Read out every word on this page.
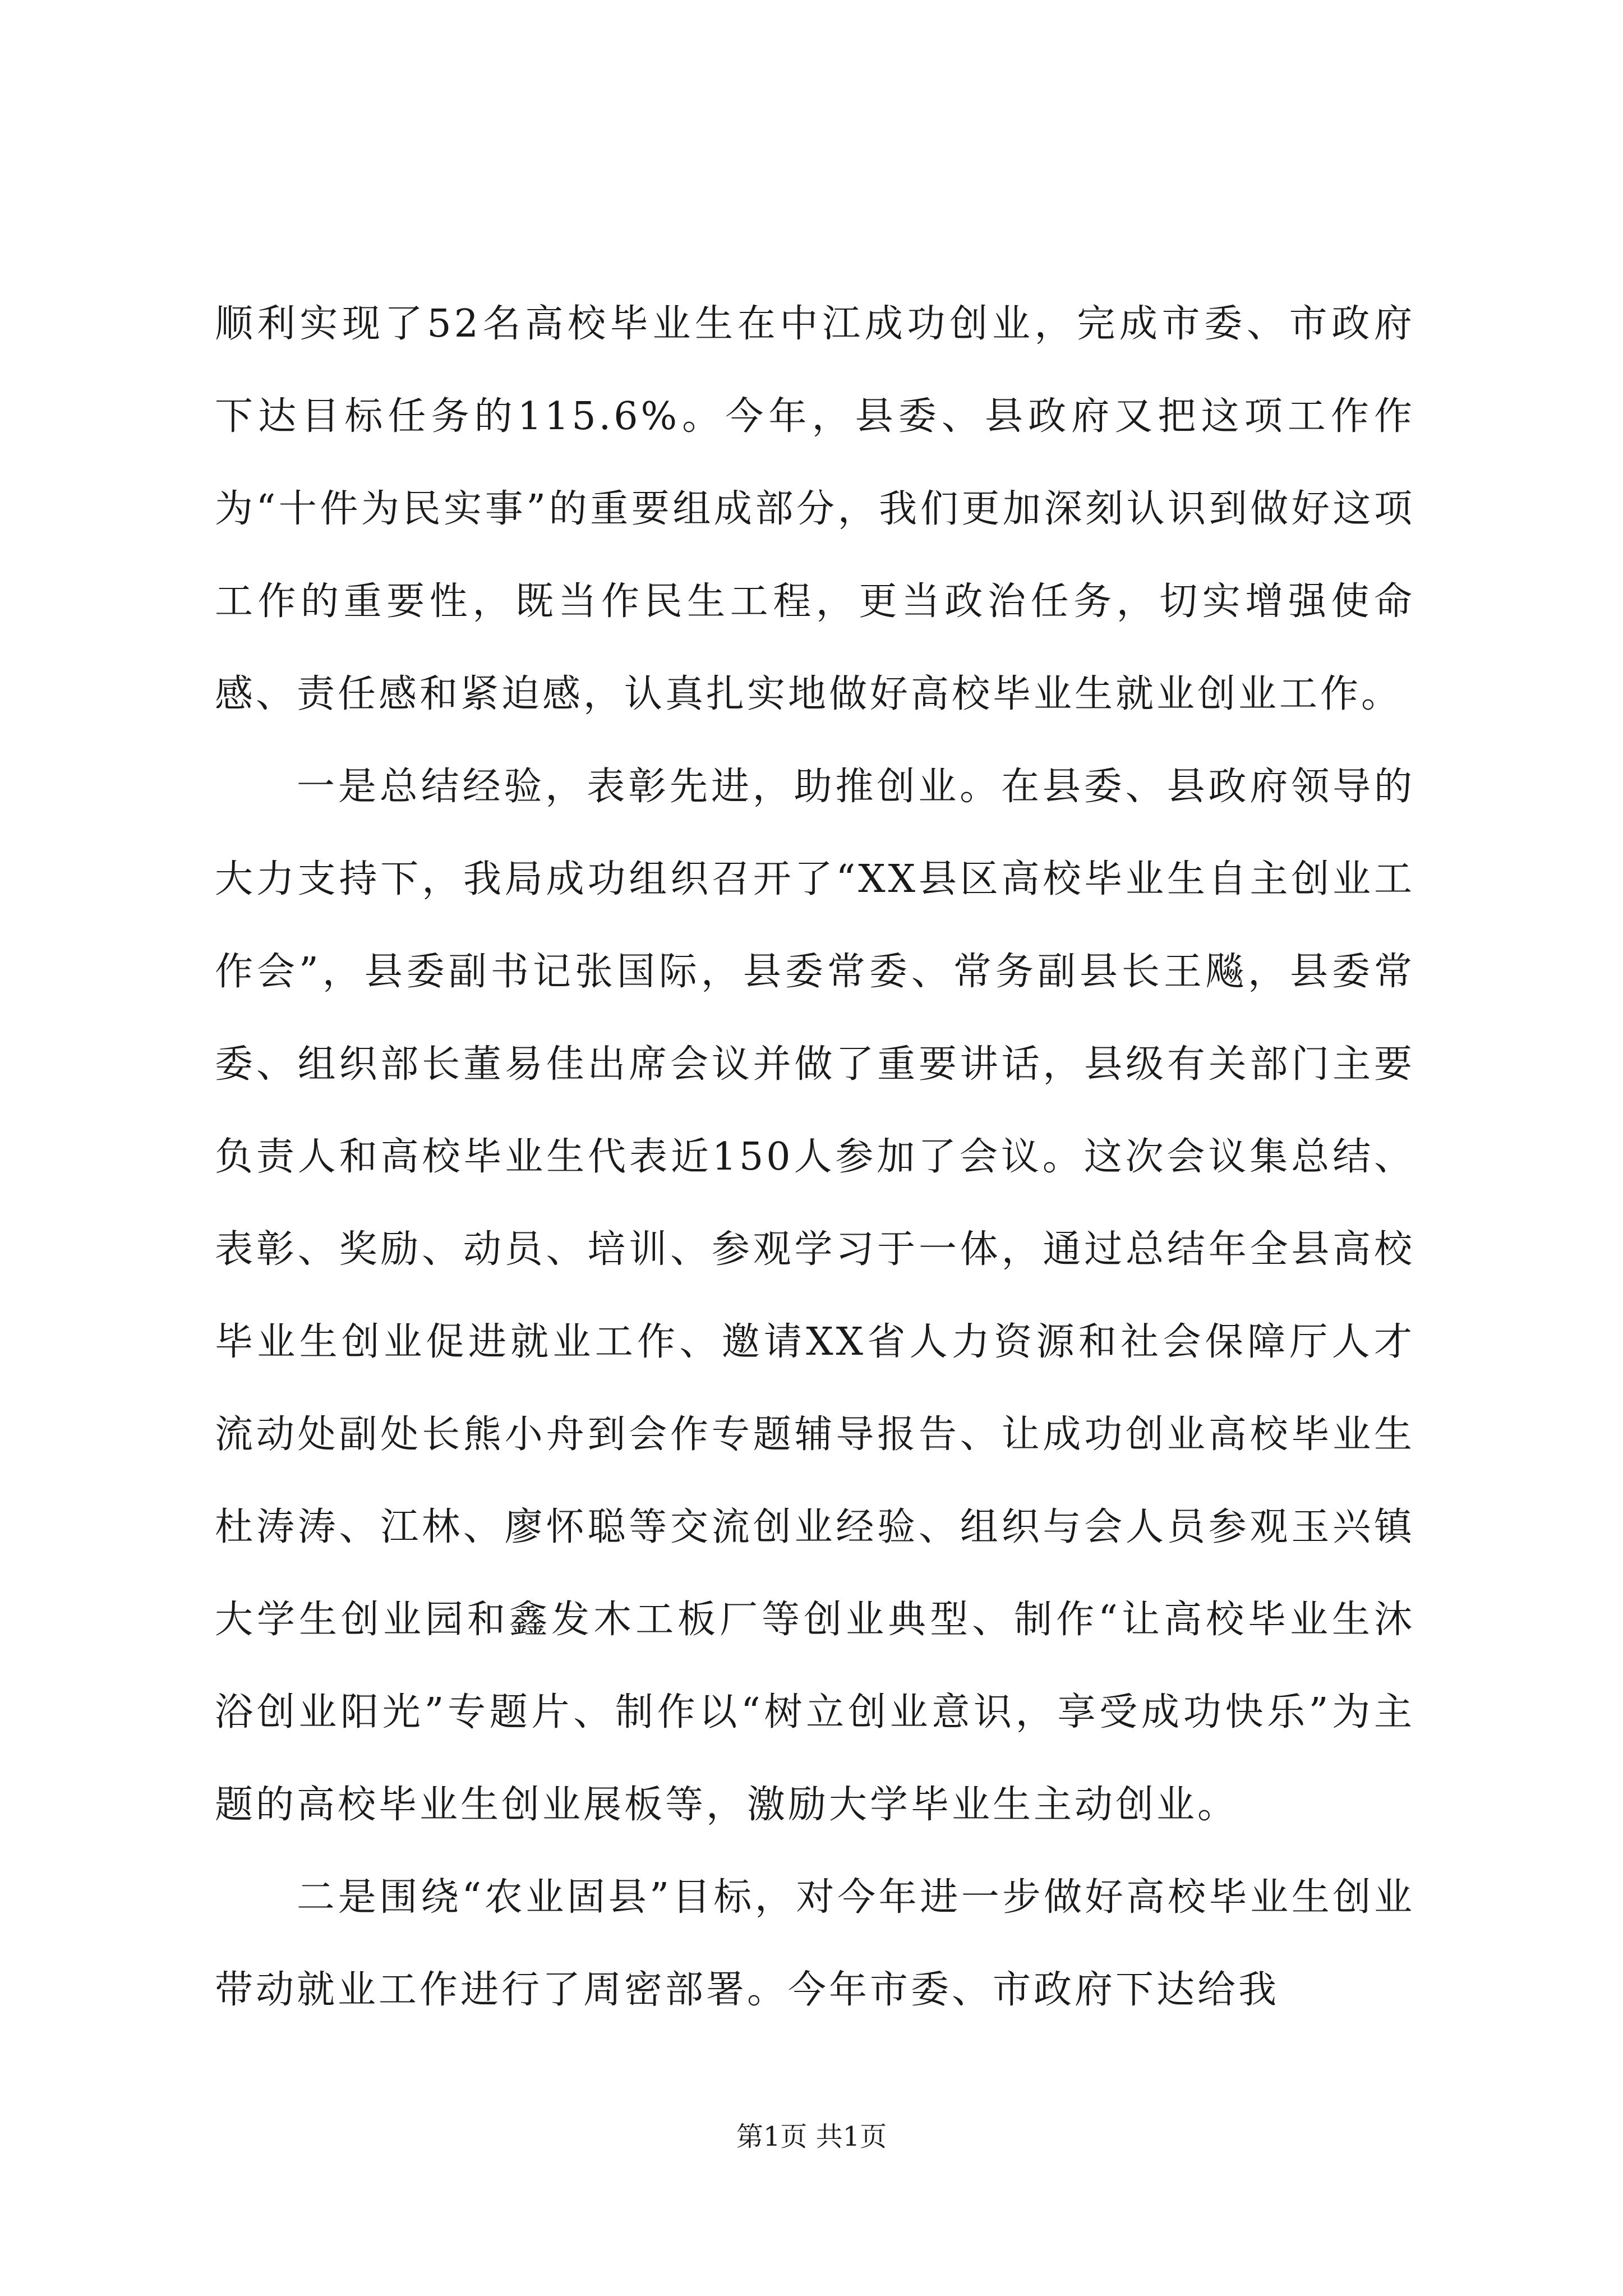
顺利实现了52名高校毕业生在中江成功创业，完成市委、市政府下达目标任务的115.6%。今年，县委、县政府又把这项工作作为“十件为民实事”的重要组成部分，我们更加深刻认识到做好这项工作的重要性，既当作民生工程，更当政治任务，切实增强使命感、责任感和紧迫感，认真扎实地做好高校毕业生就业创业工作。

一是总结经验，表彰先进，助推创业。在县委、县政府领导的大力支持下，我局成功组织召开了“XX县区高校毕业生自主创业工作会”，县委副书记张国际，县委常委、常务副县长王飚，县委常委、组织部长董易佳出席会议并做了重要讲话，县级有关部门主要负责人和高校毕业生代表近150人参加了会议。这次会议集总结、表彰、奖励、动员、培训、参观学习于一体，通过总结年全县高校毕业生创业促进就业工作、邀请XX省人力资源和社会保障厅人才流动处副处长熊小舟到会作专题辅导报告、让成功创业高校毕业生杜涛涛、江林、廖怀聪等交流创业经验、组织与会人员参观玉兴镇大学生创业园和鑫发木工板厂等创业典型、制作“让高校毕业生沐浴创业阳光”专题片、制作以“树立创业意识，享受成功快乐”为主题的高校毕业生创业展板等，激励大学毕业生主动创业。

二是围绕“农业固县”目标，对今年进一步做好高校毕业生创业带动就业工作进行了周密部署。今年市委、市政府下达给我

第1页 共1页
